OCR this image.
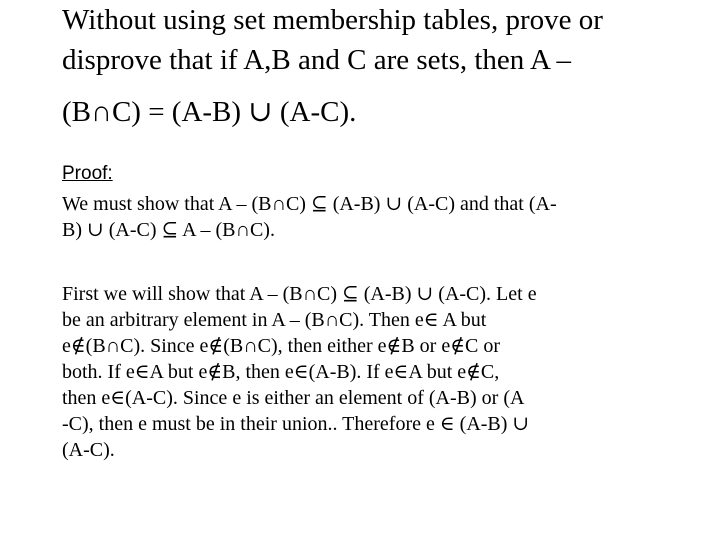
Without using set membership tables, prove or
disprove that if A,B and C are sets, then A –
(B∩C) = (A-B) ∪ (A-C).
Proof:
We must show that A – (B∩C) ⊆ (A-B) ∪ (A-C) and that (A-
B) ∪ (A-C) ⊆ A – (B∩C).
First we will show that A – (B∩C) ⊆ (A-B) ∪ (A-C). Let e
be an arbitrary element in A – (B∩C). Then e∈ A but
e∉(B∩C). Since e∉(B∩C), then either e∉B or e∉C or
both. If e∈A but e∉B, then e∈(A-B). If e∈A but e∉C,
then e∈(A-C). Since e is either an element of (A-B) or (A
-C), then e must be in their union.. Therefore e ∈ (A-B) ∪
(A-C).
